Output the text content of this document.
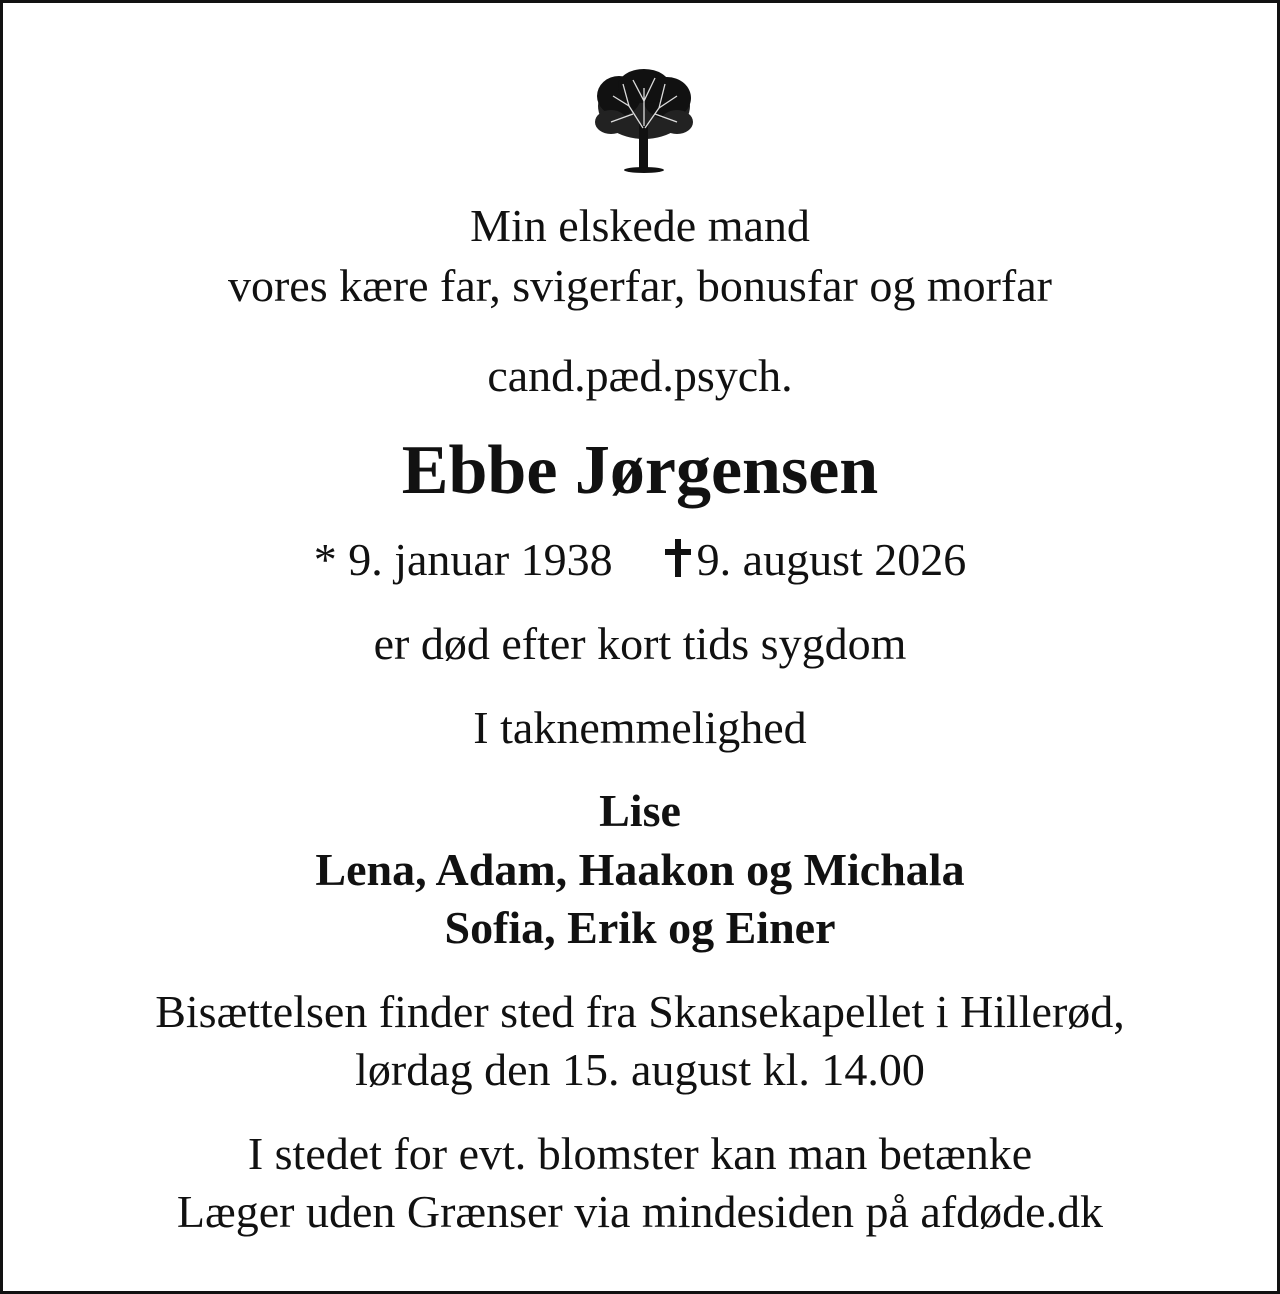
Min elskede mand
vores kære far, svigerfar, bonusfar og morfar
cand.pæd.psych.
Ebbe Jørgensen
* 9. januar 1938 9. august 2026
er død efter kort tids sygdom
I taknemmelighed
Lise
Lena, Adam, Haakon og Michala
Sofia, Erik og Einer
Bisættelsen finder sted fra Skansekapellet i Hillerød,
lørdag den 15. august kl. 14.00
I stedet for evt. blomster kan man betænke
Læger uden Grænser via mindesiden på afdøde.dk
